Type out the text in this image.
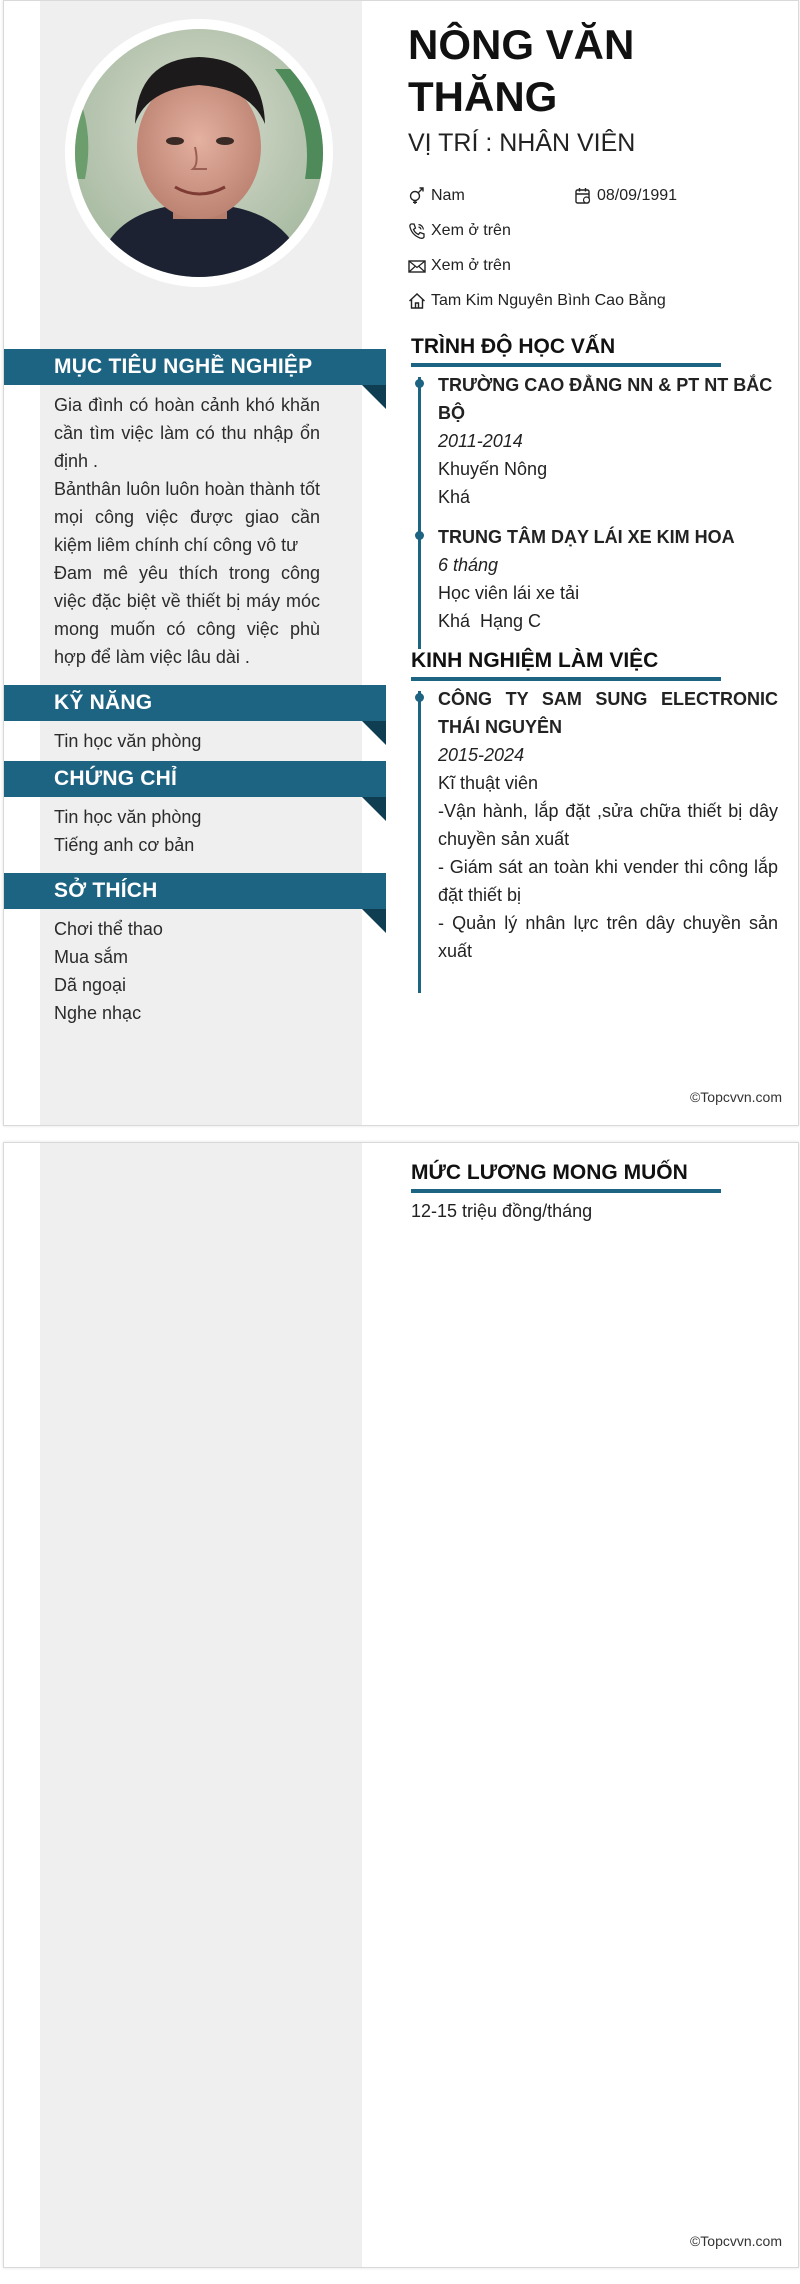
NÔNG VĂN THĂNG
VỊ TRÍ : NHÂN VIÊN
Nam	08/09/1991
Xem ở trên
Xem ở trên
Tam Kim Nguyên Bình Cao Bằng
MỤC TIÊU NGHỀ NGHIỆP
Gia đình có hoàn cảnh khó khăn cần tìm việc làm có thu nhập ổn định .
Bảnthân luôn luôn hoàn thành tốt mọi công việc được giao cần kiệm liêm chính chí công vô tư
Đam mê yêu thích trong công việc đặc biệt về thiết bị máy móc mong muốn có công việc phù hợp để làm việc lâu dài .
KỸ NĂNG
Tin học văn phòng
CHỨNG CHỈ
Tin học văn phòng
Tiếng anh cơ bản
SỞ THÍCH
Chơi thể thao
Mua sắm
Dã ngoại
Nghe nhạc
TRÌNH ĐỘ HỌC VẤN
TRƯỜNG CAO ĐẲNG NN & PT NT BẮC BỘ
2011-2014
Khuyến Nông
Khá
TRUNG TÂM DẠY LÁI XE KIM HOA
6 tháng
Học viên lái xe tải
Khá  Hạng C
KINH NGHIỆM LÀM VIỆC
CÔNG TY SAM SUNG ELECTRONIC THÁI NGUYÊN
2015-2024
Kĩ thuật viên
-Vận hành, lắp đặt ,sửa chữa thiết bị dây chuyền sản xuất
- Giám sát an toàn khi vender thi công lắp đặt thiết bị
- Quản lý nhân lực trên dây chuyền sản xuất
©Topcvvn.com
MỨC LƯƠNG MONG MUỐN
12-15 triệu đồng/tháng
©Topcvvn.com
